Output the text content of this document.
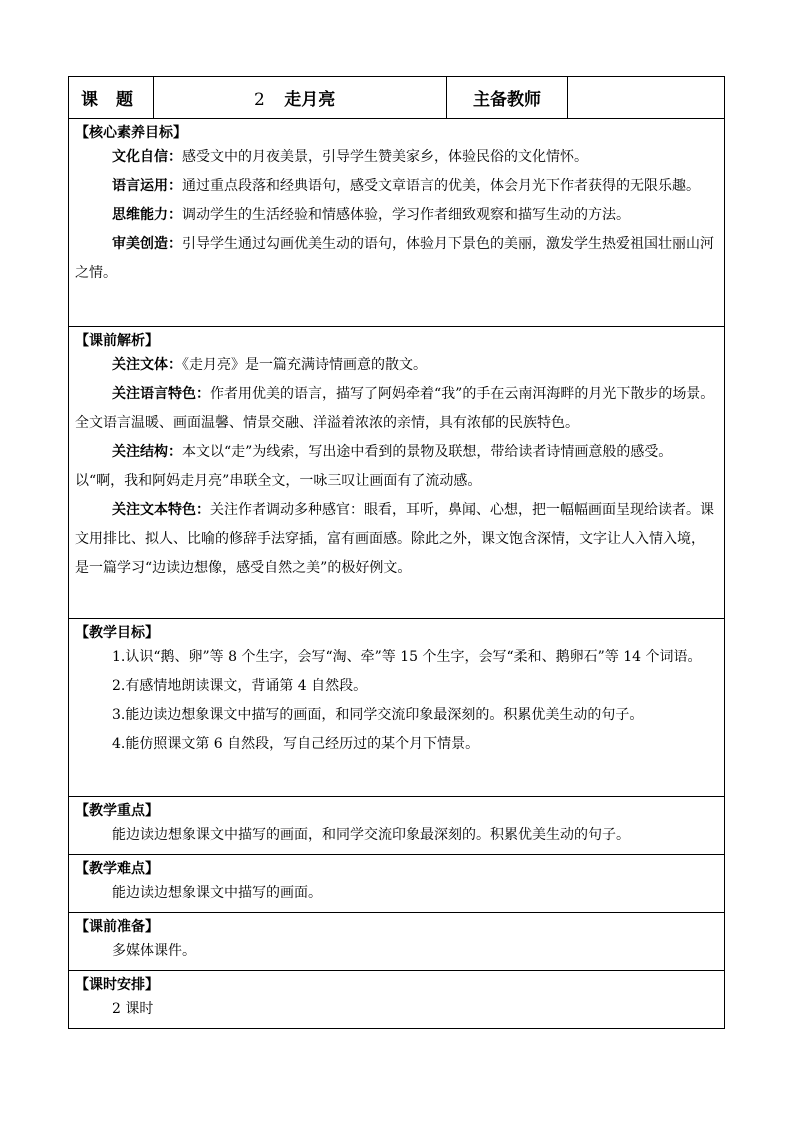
课题	2 走月亮	主备教师	

【核心素养目标】

文化自信：感受文中的月夜美景，引导学生赞美家乡，体验民俗的文化情怀。

语言运用：通过重点段落和经典语句，感受文章语言的优美，体会月光下作者获得的无限乐趣。

思维能力：调动学生的生活经验和情感体验，学习作者细致观察和描写生动的方法。

审美创造：引导学生通过勾画优美生动的语句，体验月下景色的美丽，激发学生热爱祖国壮丽山河之情。

【课前解析】

关注文体：《走月亮》是一篇充满诗情画意的散文。

关注语言特色：作者用优美的语言，描写了阿妈牵着“我”的手在云南洱海畔的月光下散步的场景。全文语言温暖、画面温馨、情景交融、洋溢着浓浓的亲情，具有浓郁的民族特色。

关注结构：本文以“走”为线索，写出途中看到的景物及联想，带给读者诗情画意般的感受。以“啊，我和阿妈走月亮”串联全文，一咏三叹让画面有了流动感。

关注文本特色：关注作者调动多种感官：眼看，耳听，鼻闻、心想，把一幅幅画面呈现给读者。课文用排比、拟人、比喻的修辞手法穿插，富有画面感。除此之外，课文饱含深情，文字让人入情入境，是一篇学习“边读边想像，感受自然之美”的极好例文。

【教学目标】

1.认识“鹅、卵”等 8 个生字，会写“淘、牵”等 15 个生字，会写“柔和、鹅卵石”等 14 个词语。

2.有感情地朗读课文，背诵第 4 自然段。

3.能边读边想象课文中描写的画面，和同学交流印象最深刻的。积累优美生动的句子。

4.能仿照课文第 6 自然段，写自己经历过的某个月下情景。

【教学重点】

能边读边想象课文中描写的画面，和同学交流印象最深刻的。积累优美生动的句子。

【教学难点】

能边读边想象课文中描写的画面。

【课前准备】

多媒体课件。

【课时安排】

2 课时
